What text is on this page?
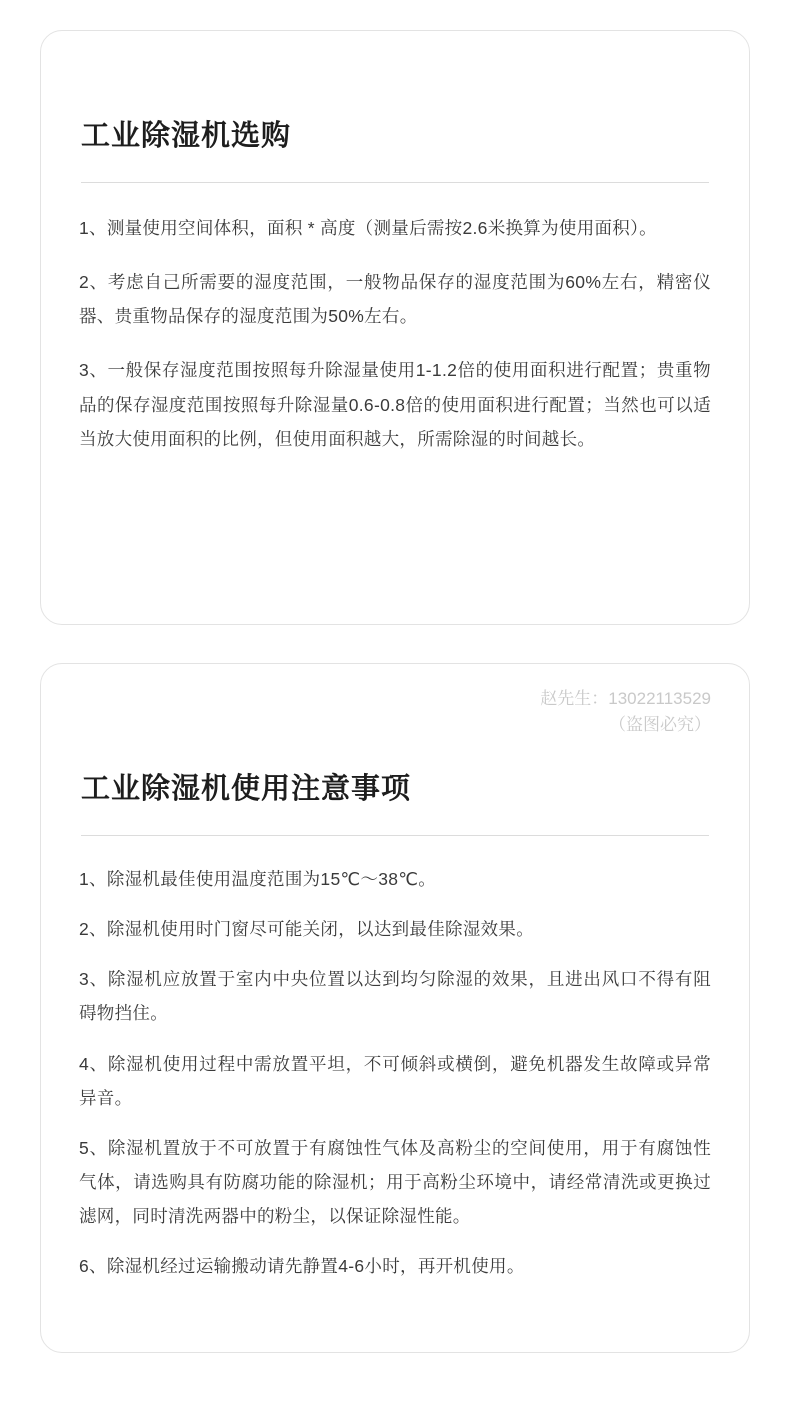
工业除湿机选购

1、测量使用空间体积，面积 * 高度（测量后需按2.6米换算为使用面积）。

2、考虑自己所需要的湿度范围，一般物品保存的湿度范围为60%左右，精密仪器、贵重物品保存的湿度范围为50%左右。

3、一般保存湿度范围按照每升除湿量使用1-1.2倍的使用面积进行配置；贵重物品的保存湿度范围按照每升除湿量0.6-0.8倍的使用面积进行配置；当然也可以适当放大使用面积的比例，但使用面积越大，所需除湿的时间越长。

赵先生：13022113529
（盗图必究）
工业除湿机使用注意事项

1、除湿机最佳使用温度范围为15℃～38℃。

2、除湿机使用时门窗尽可能关闭，以达到最佳除湿效果。

3、除湿机应放置于室内中央位置以达到均匀除湿的效果，且进出风口不得有阻碍物挡住。

4、除湿机使用过程中需放置平坦，不可倾斜或横倒，避免机器发生故障或异常异音。

5、除湿机置放于不可放置于有腐蚀性气体及高粉尘的空间使用，用于有腐蚀性气体，请选购具有防腐功能的除湿机；用于高粉尘环境中，请经常清洗或更换过滤网，同时清洗两器中的粉尘，以保证除湿性能。

6、除湿机经过运输搬动请先静置4-6小时，再开机使用。
